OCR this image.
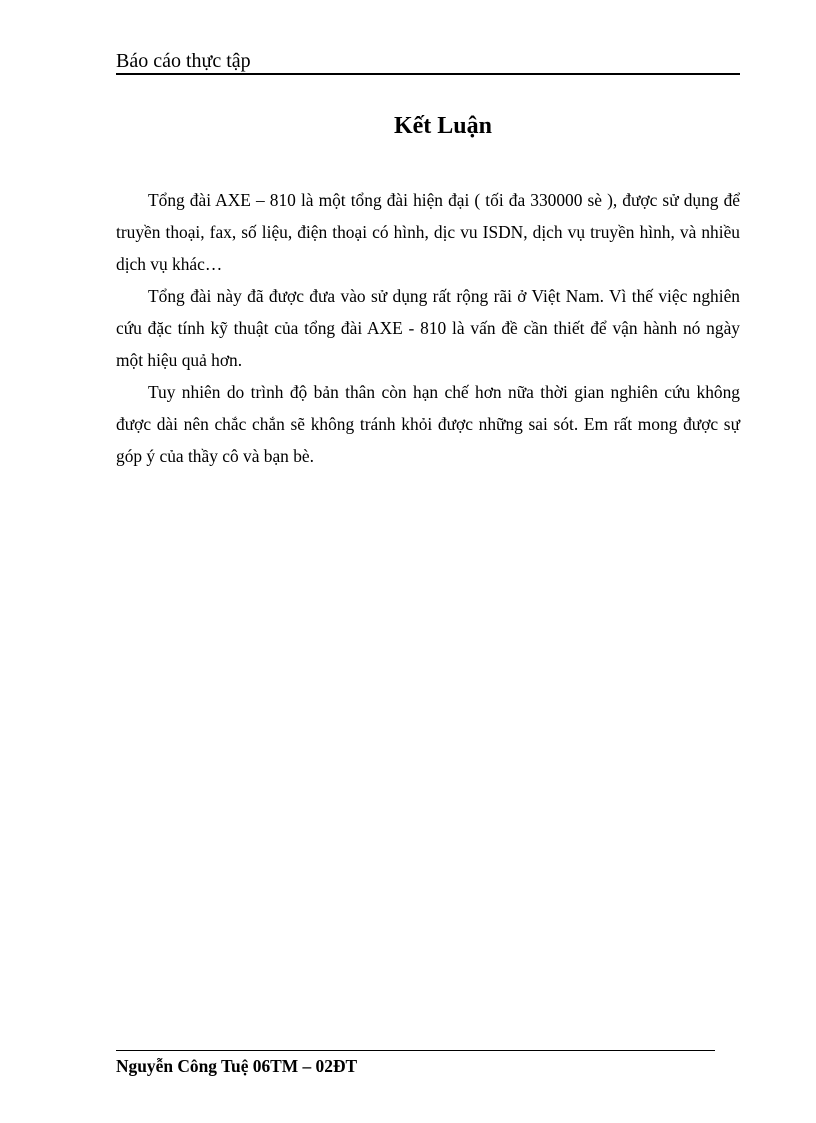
Báo cáo thực tập
Kết Luận

Tổng đài AXE – 810 là một tổng đài hiện đại ( tối đa 330000 sè ), được sử dụng để truyền thoại, fax, số liệu, điện thoại có hình, dịc vu ISDN, dịch vụ truyền hình, và nhiều dịch vụ khác…

Tổng đài này đã được đưa vào sử dụng rất rộng rãi ở Việt Nam. Vì thế việc nghiên cứu đặc tính kỹ thuật của tổng đài AXE - 810 là vấn đề cần thiết để vận hành nó ngày một hiệu quả hơn.

Tuy nhiên do trình độ bản thân còn hạn chế hơn nữa thời gian nghiên cứu không được dài nên chắc chắn sẽ không tránh khỏi được những sai sót. Em rất mong được sự góp ý của thầy cô và bạn bè.

Nguyễn Công Tuệ 06TM – 02ĐT
